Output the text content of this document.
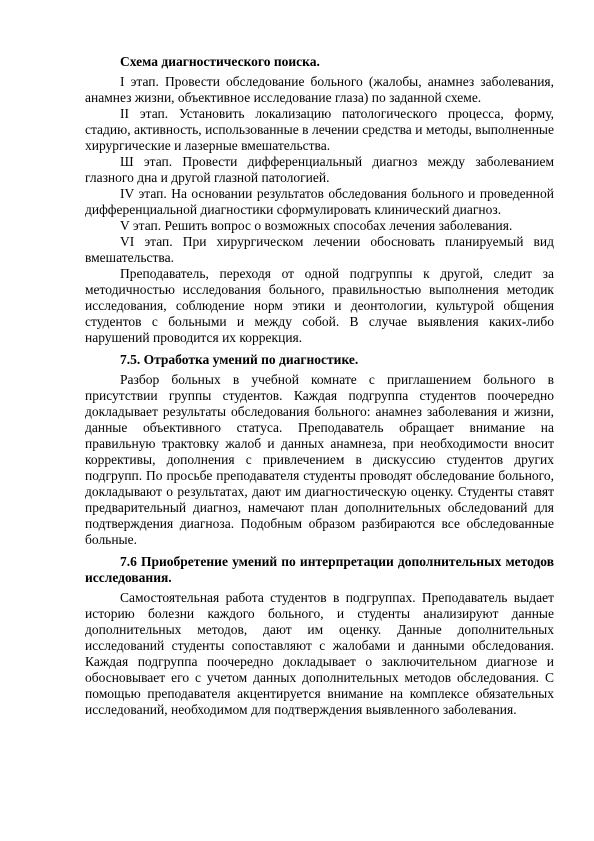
Схема диагностического поиска.

I этап. Провести обследование больного (жалобы, анамнез заболевания, анамнез жизни, объективное исследование глаза) по заданной схеме.

II этап. Установить локализацию патологического процесса, форму, стадию, активность, использованные в лечении средства и методы, выполненные хирургические и лазерные вмешательства.

Ш этап. Провести дифференциальный диагноз между заболеванием глазного дна и другой глазной патологией.

IV этап. На основании результатов обследования больного и проведенной дифференциальной диагностики сформулировать клинический диагноз.

V этап. Решить вопрос о возможных способах лечения заболевания.

VI этап. При хирургическом лечении обосновать планируемый вид вмешательства.

Преподаватель, переходя от одной подгруппы к другой, следит за методичностью исследования больного, правильностью выполнения методик исследования, соблюдение норм этики и деонтологии, культурой общения студентов с больными и между собой. В случае выявления каких-либо нарушений проводится их коррекция.

7.5. Отработка умений по диагностике.

Разбор больных в учебной комнате с приглашением больного в присутствии группы студентов. Каждая подгруппа студентов поочередно докладывает результаты обследования больного: анамнез заболевания и жизни, данные объективного статуса. Преподаватель обращает внимание на правильную трактовку жалоб и данных анамнеза, при необходимости вносит коррективы, дополнения с привлечением в дискуссию студентов других подгрупп. По просьбе преподавателя студенты проводят обследование больного, докладывают о результатах, дают им диагностическую оценку. Студенты ставят предварительный диагноз, намечают план дополнительных обследований для подтверждения диагноза. Подобным образом разбираются все обследованные больные.

7.6 Приобретение умений по интерпретации дополнительных методов исследования.

Самостоятельная работа студентов в подгруппах. Преподаватель выдает историю болезни каждого больного, и студенты анализируют данные дополнительных методов, дают им оценку. Данные дополнительных исследований студенты сопоставляют с жалобами и данными обследования. Каждая подгруппа поочередно докладывает о заключительном диагнозе и обосновывает его с учетом данных дополнительных методов обследования. С помощью преподавателя акцентируется внимание на комплексе обязательных исследований, необходимом для подтверждения выявленного заболевания.
